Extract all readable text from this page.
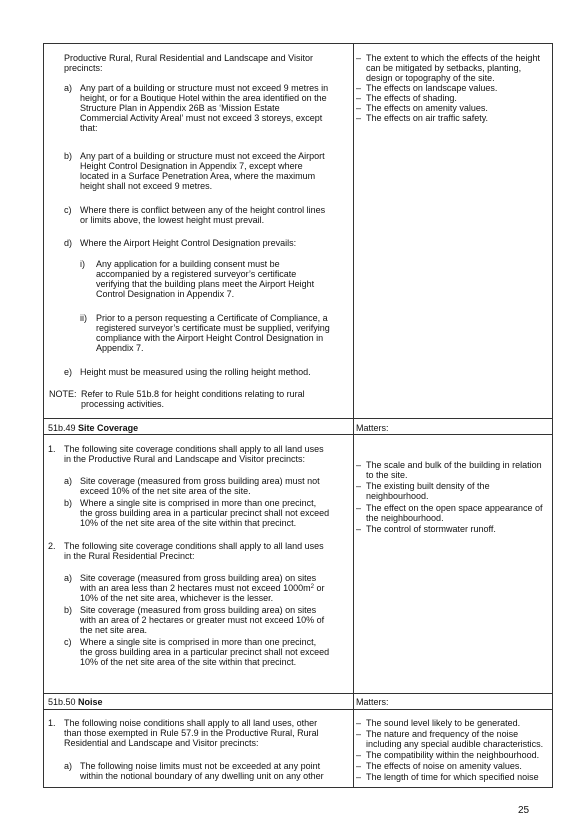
Productive Rural, Rural Residential and Landscape and Visitor
precincts:
a) Any part of a building or structure must not exceed 9 metres in
height, or for a Boutique Hotel within the area identified on the
Structure Plan in Appendix 26B as ‘Mission Estate
Commercial Activity Areal’ must not exceed 3 storeys, except
that:
b) Any part of a building or structure must not exceed the Airport
Height Control Designation in Appendix 7, except where
located in a Surface Penetration Area, where the maximum
height shall not exceed 9 metres.
c) Where there is conflict between any of the height control lines
or limits above, the lowest height must prevail.
d) Where the Airport Height Control Designation prevails:
i) Any application for a building consent must be
accompanied by a registered surveyor’s certificate
verifying that the building plans meet the Airport Height
Control Designation in Appendix 7.
ii) Prior to a person requesting a Certificate of Compliance, a
registered surveyor’s certificate must be supplied, verifying
compliance with the Airport Height Control Designation in
Appendix 7.
e) Height must be measured using the rolling height method.
NOTE: Refer to Rule 51b.8 for height conditions relating to rural
processing activities.
– The extent to which the effects of the height
can be mitigated by setbacks, planting,
design or topography of the site.
– The effects on landscape values.
– The effects of shading.
– The effects on amenity values.
– The effects on air traffic safety.
51b.49 Site Coverage	Matters:
1. The following site coverage conditions shall apply to all land uses
in the Productive Rural and Landscape and Visitor precincts:
a) Site coverage (measured from gross building area) must not
exceed 10% of the net site area of the site.
b) Where a single site is comprised in more than one precinct,
the gross building area in a particular precinct shall not exceed
10% of the net site area of the site within that precinct.
2. The following site coverage conditions shall apply to all land uses
in the Rural Residential Precinct:
a) Site coverage (measured from gross building area) on sites
with an area less than 2 hectares must not exceed $1000m^2$ or
10% of the net site area, whichever is the lesser.
b) Site coverage (measured from gross building area) on sites
with an area of 2 hectares or greater must not exceed 10% of
the net site area.
c) Where a single site is comprised in more than one precinct,
the gross building area in a particular precinct shall not exceed
10% of the net site area of the site within that precinct.
– The scale and bulk of the building in relation
to the site.
– The existing built density of the
neighbourhood.
– The effect on the open space appearance of
the neighbourhood.
– The control of stormwater runoff.
51b.50 Noise	Matters:
1. The following noise conditions shall apply to all land uses, other
than those exempted in Rule 57.9 in the Productive Rural, Rural
Residential and Landscape and Visitor precincts:
a) The following noise limits must not be exceeded at any point
within the notional boundary of any dwelling unit on any other
– The sound level likely to be generated.
– The nature and frequency of the noise
including any special audible characteristics.
– The compatibility within the neighbourhood.
– The effects of noise on amenity values.
– The length of time for which specified noise
25
